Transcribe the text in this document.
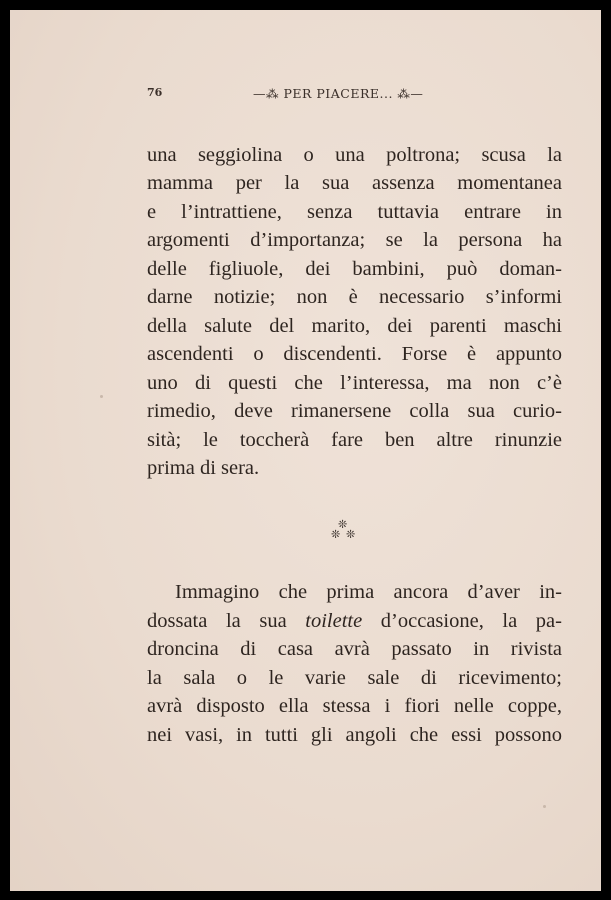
76	—⁂ PER PIACERE... ⁂—
una seggiolina o una poltrona; scusa la
mamma per la sua assenza momentanea
e l’intrattiene, senza tuttavia entrare in
argomenti d’importanza; se la persona ha
delle figliuole, dei bambini, può doman-
darne notizie; non è necessario s’informi
della salute del marito, dei parenti maschi
ascendenti o discendenti. Forse è appunto
uno di questi che l’interessa, ma non c’è
rimedio, deve rimanersene colla sua curio-
sità; le toccherà fare ben altre rinunzie
prima di sera.
❊
❊ ❊
Immagino che prima ancora d’aver in-
dossata la sua toilette d’occasione, la pa-
droncina di casa avrà passato in rivista
la sala o le varie sale di ricevimento;
avrà disposto ella stessa i fiori nelle coppe,
nei vasi, in tutti gli angoli che essi possono
